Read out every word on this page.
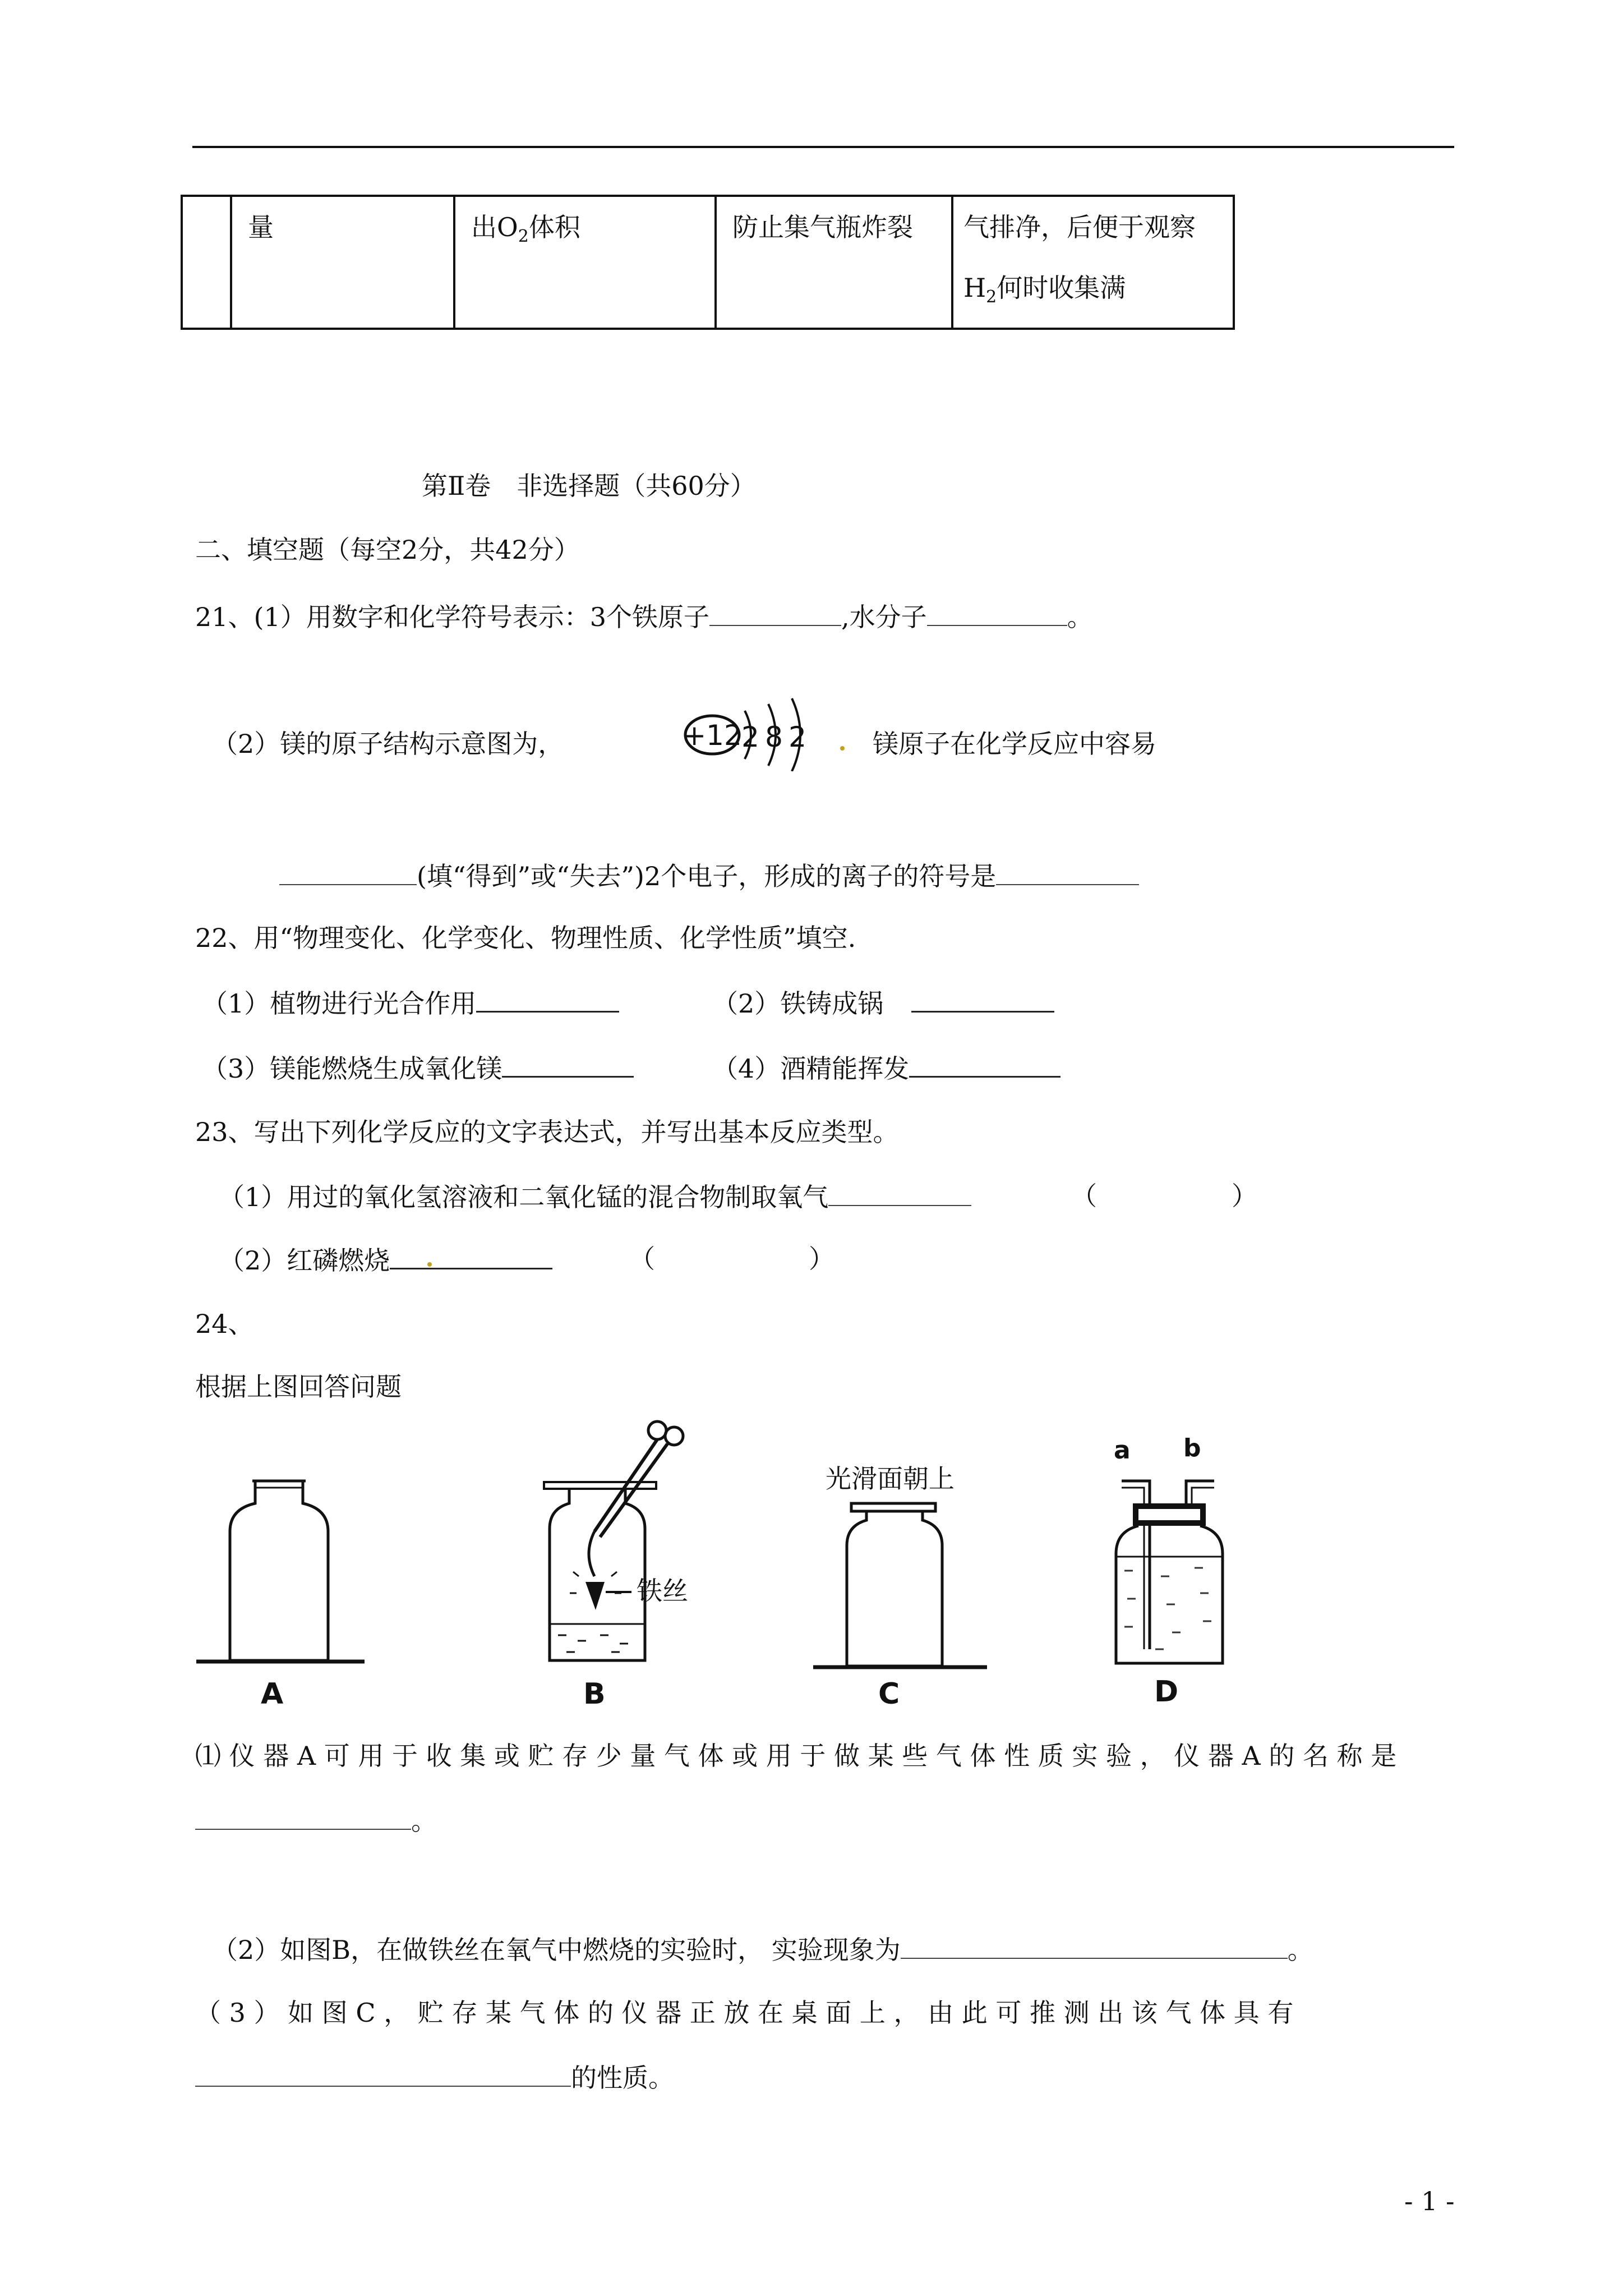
	量	出$O_2$体积	防止集气瓶炸裂	气排净，后便于观察
$H_2$何时收集满
第Ⅱ卷　非选择题（共60分）
二、填空题（每空2分，共42分）
21、(1）用数字和化学符号表示：3个铁原子	,水分子	。
（2）镁的原子结构示意图为，	+12 2 8 2	镁原子在化学反应中容易
(填“得到”或“失去”)2个电子，形成的离子的符号是
22、用“物理变化、化学变化、物理性质、化学性质”填空.
（1）植物进行光合作用	（2）铁铸成锅
（3）镁能燃烧生成氧化镁	（4）酒精能挥发
23、写出下列化学反应的文字表达式，并写出基本反应类型。
（1）用过的氧化氢溶液和二氧化锰的混合物制取氧气	（	）
（2）红磷燃烧	（	）
24、
根据上图回答问题
A
铁丝
B
光滑面朝上
C
a b
D
⑴ 仪 器 A 可 用 于 收 集 或 贮 存 少 量 气 体 或 用 于 做 某 些 气 体 性 质 实 验 ， 仪 器 A 的 名 称 是
。
（2）如图B，在做铁丝在氧气中燃烧的实验时， 实验现象为	。
（ 3 ） 如 图 C ， 贮 存 某 气 体 的 仪 器 正 放 在 桌 面 上 ， 由 此 可 推 测 出 该 气 体 具 有
的性质。
- 1 -
